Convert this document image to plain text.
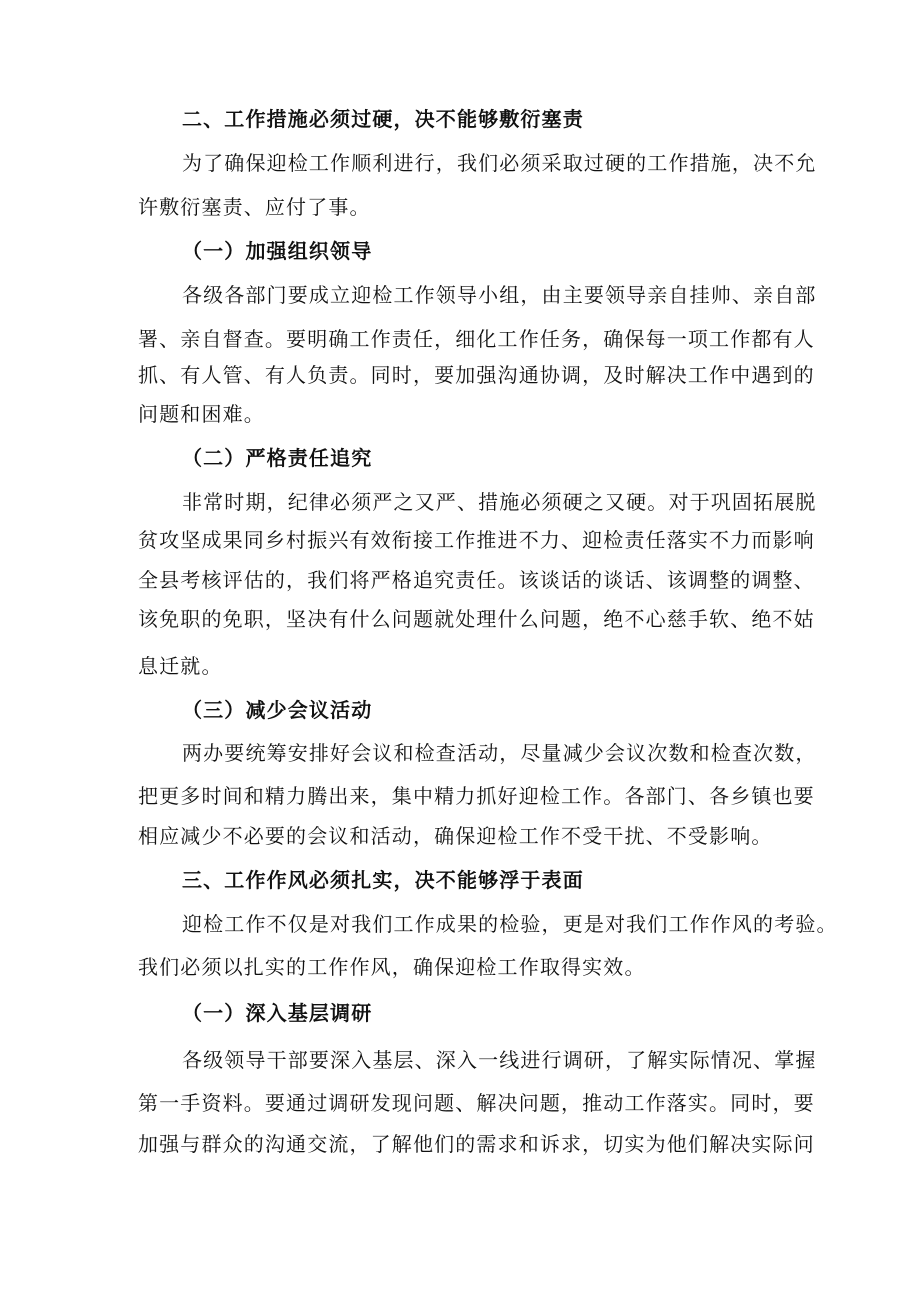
二、工作措施必须过硬，决不能够敷衍塞责
为了确保迎检工作顺利进行，我们必须采取过硬的工作措施，决不允
许敷衍塞责、应付了事。
（一）加强组织领导
各级各部门要成立迎检工作领导小组，由主要领导亲自挂帅、亲自部
署、亲自督查。要明确工作责任，细化工作任务，确保每一项工作都有人
抓、有人管、有人负责。同时，要加强沟通协调，及时解决工作中遇到的
问题和困难。
（二）严格责任追究
非常时期，纪律必须严之又严、措施必须硬之又硬。对于巩固拓展脱
贫攻坚成果同乡村振兴有效衔接工作推进不力、迎检责任落实不力而影响
全县考核评估的，我们将严格追究责任。该谈话的谈话、该调整的调整、
该免职的免职，坚决有什么问题就处理什么问题，绝不心慈手软、绝不姑
息迁就。
（三）减少会议活动
两办要统筹安排好会议和检查活动，尽量减少会议次数和检查次数，
把更多时间和精力腾出来，集中精力抓好迎检工作。各部门、各乡镇也要
相应减少不必要的会议和活动，确保迎检工作不受干扰、不受影响。
三、工作作风必须扎实，决不能够浮于表面
迎检工作不仅是对我们工作成果的检验，更是对我们工作作风的考验。
我们必须以扎实的工作作风，确保迎检工作取得实效。
（一）深入基层调研
各级领导干部要深入基层、深入一线进行调研，了解实际情况、掌握
第一手资料。要通过调研发现问题、解决问题，推动工作落实。同时，要
加强与群众的沟通交流，了解他们的需求和诉求，切实为他们解决实际问
